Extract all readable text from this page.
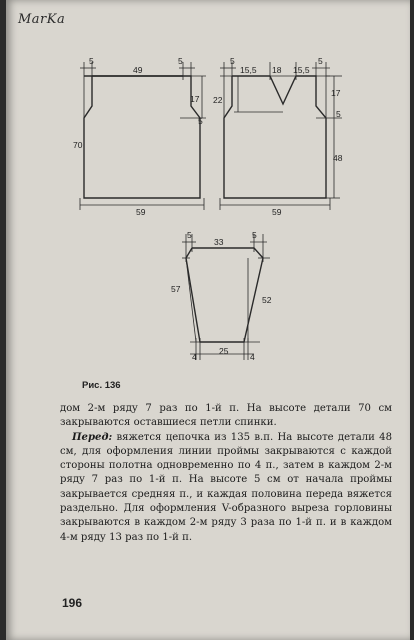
MarKa
5
49
5
17
5
70
59
5
15,5 18 15,5
5
22
17
5
48
59
5
33
5
57
52
4
25
4
Рис. 136

дом 2-м ряду 7 раз по 1-й п. На высоте детали 70 см закрываются оставшиеся петли спинки.

Перед: вяжется цепочка из 135 в.п. На высоте детали 48 см, для оформления линии проймы закрываются с каждой стороны полотна одновременно по 4 п., затем в каждом 2-м ряду 7 раз по 1-й п. На высоте 5 см от начала проймы закрывается средняя п., и каждая половина переда вяжется раздельно. Для оформления V-образного выреза горловины закрываются в каждом 2-м ряду 3 раза по 1-й п. и в каждом 4-м ряду 13 раз по 1-й п.

196
